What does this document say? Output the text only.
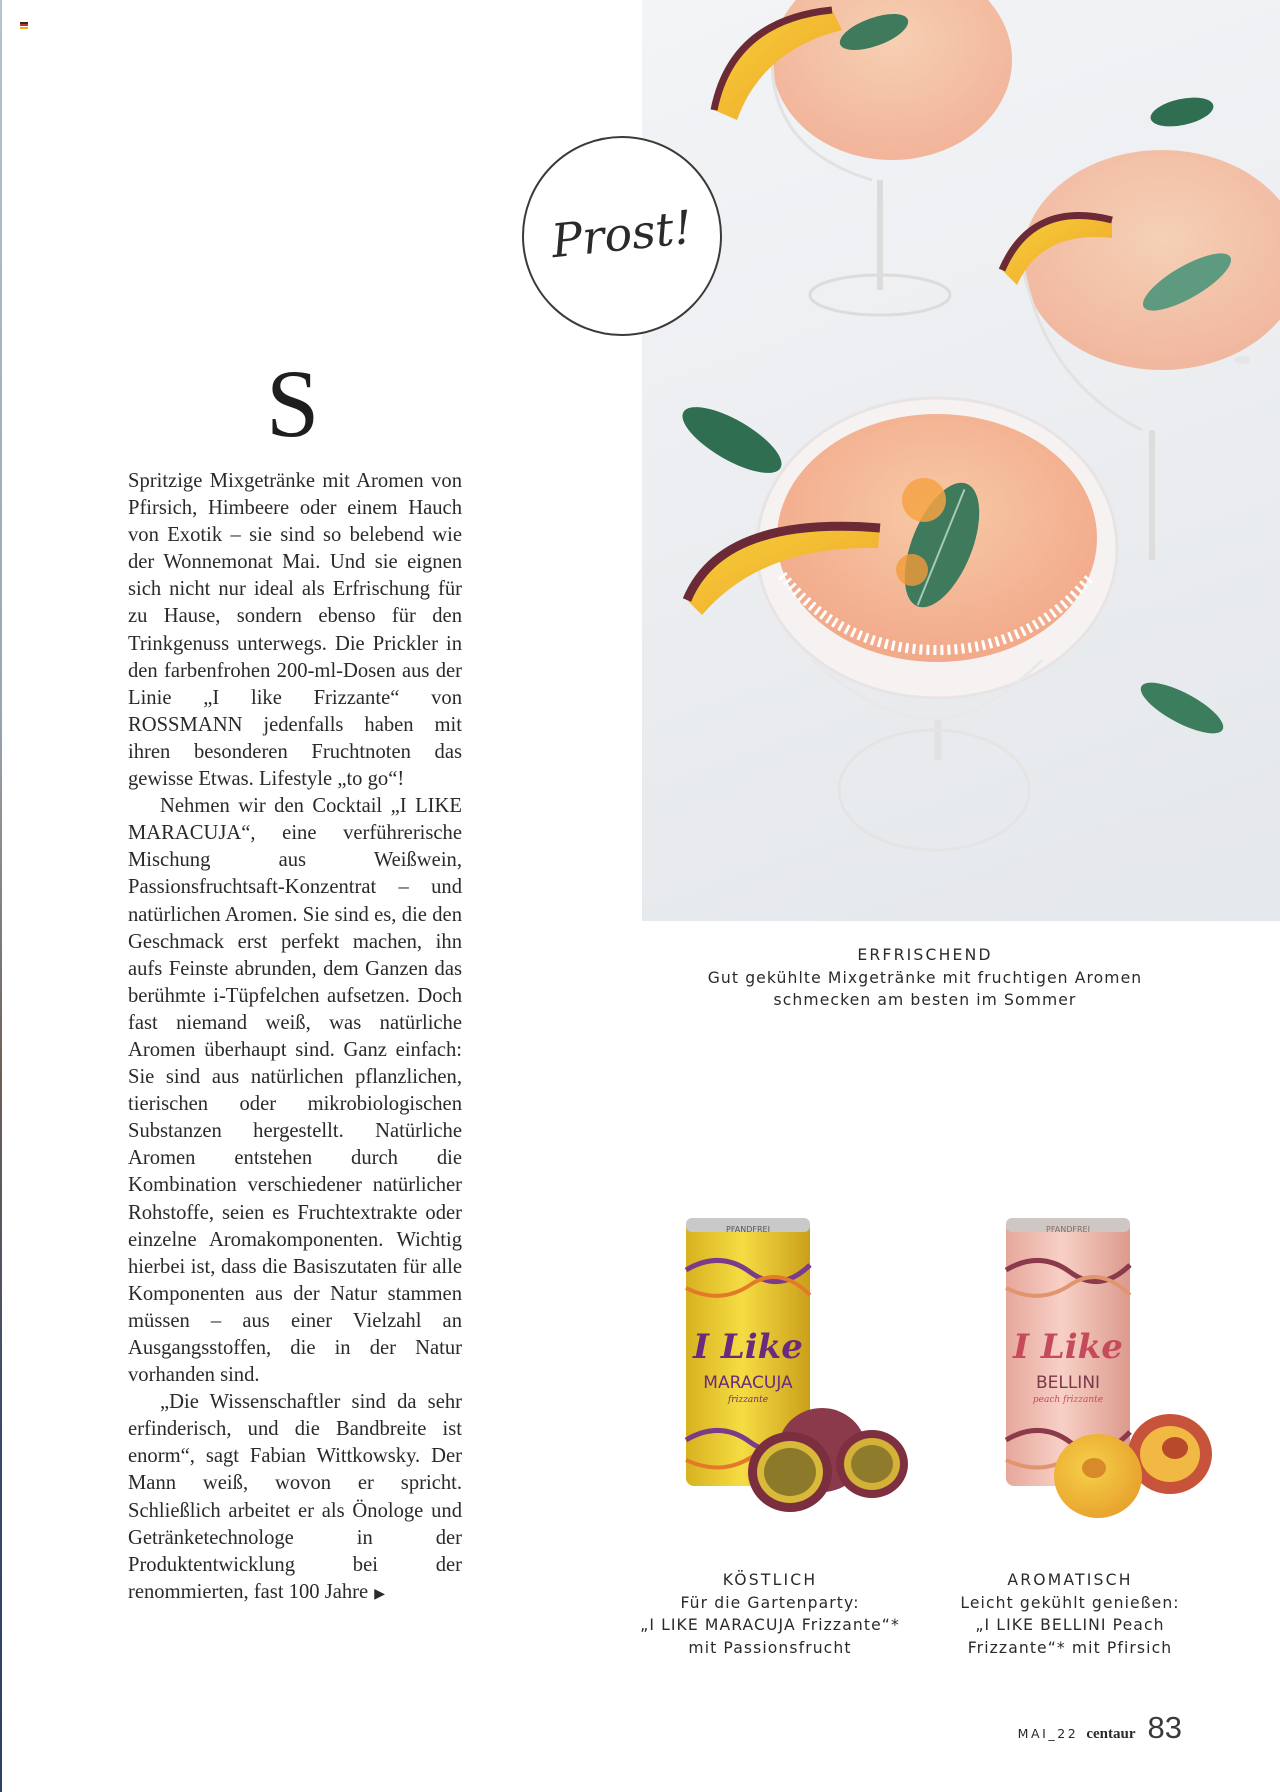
Prost!
S

Spritzige Mixgetränke mit Aromen von Pfirsich, Himbeere oder einem Hauch von Exotik – sie sind so belebend wie der Wonnemonat Mai. Und sie eignen sich nicht nur ideal als Erfrischung für zu Hause, sondern ebenso für den Trinkgenuss unterwegs. Die Prickler in den farbenfrohen 200-ml-Dosen aus der Linie „I like Frizzante“ von ROSSMANN jedenfalls haben mit ihren besonderen Fruchtnoten das gewisse Etwas. Lifestyle „to go“!

Nehmen wir den Cocktail „I LIKE MARACUJA“, eine verführerische Mischung aus Weißwein, Passionsfruchtsaft-Konzentrat – und natürlichen Aromen. Sie sind es, die den Geschmack erst perfekt machen, ihn aufs Feinste abrunden, dem Ganzen das berühmte i-Tüpfelchen aufsetzen. Doch fast niemand weiß, was natürliche Aromen überhaupt sind. Ganz einfach: Sie sind aus natürlichen pflanzlichen, tierischen oder mikrobiologischen Substanzen hergestellt. Natürliche Aromen entstehen durch die Kombination verschiedener natürlicher Rohstoffe, seien es Fruchtextrakte oder einzelne Aromakomponenten. Wichtig hierbei ist, dass die Basiszutaten für alle Komponenten aus der Natur stammen müssen – aus einer Vielzahl an Ausgangsstoffen, die in der Natur vorhanden sind.

„Die Wissenschaftler sind da sehr erfinderisch, und die Bandbreite ist enorm“, sagt Fabian Wittkowsky. Der Mann weiß, wovon er spricht. Schließlich arbeitet er als Önologe und Getränketechnologe in der Produktentwicklung bei der renommierten, fast 100 Jahre ▶

ERFRISCHEND
Gut gekühlte Mixgetränke mit fruchtigen Aromen
schmecken am besten im Sommer
PFANDFREI
I Like
MARACUJA
frizzante
PFANDFREI
I Like
BELLINI
peach frizzante
KÖSTLICH
Für die Gartenparty:
„I LIKE MARACUJA Frizzante“*
mit Passionsfrucht
AROMATISCH
Leicht gekühlt genießen:
„I LIKE BELLINI Peach
Frizzante“* mit Pfirsich
MAI_22 centaur 83
